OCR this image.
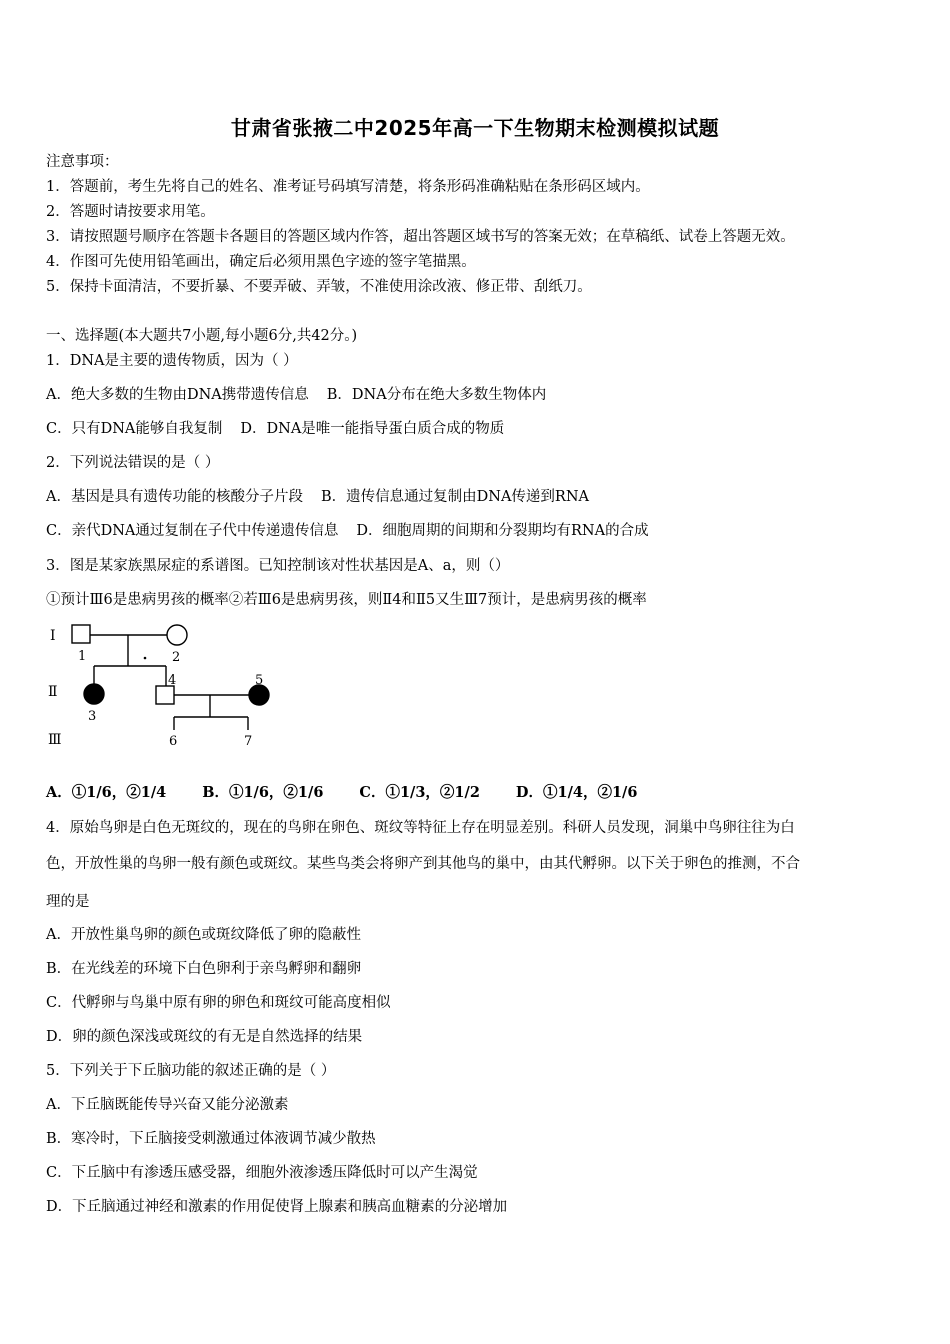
甘肃省张掖二中2025年高一下生物期末检测模拟试题
注意事项：
1．答题前，考生先将自己的姓名、准考证号码填写清楚，将条形码准确粘贴在条形码区域内。
2．答题时请按要求用笔。
3．请按照题号顺序在答题卡各题目的答题区域内作答，超出答题区域书写的答案无效；在草稿纸、试卷上答题无效。
4．作图可先使用铅笔画出，确定后必须用黑色字迹的签字笔描黑。
5．保持卡面清洁，不要折暴、不要弄破、弄皱，不准使用涂改液、修正带、刮纸刀。
一、选择题(本大题共7小题,每小题6分,共42分。)
1．DNA是主要的遗传物质，因为（ ）
A．绝大多数的生物由DNA携带遗传信息 B．DNA分布在绝大多数生物体内
C．只有DNA能够自我复制 D．DNA是唯一能指导蛋白质合成的物质
2．下列说法错误的是（ ）
A．基因是具有遗传功能的核酸分子片段 B．遗传信息通过复制由DNA传递到RNA
C．亲代DNA通过复制在子代中传递遗传信息 D．细胞周期的间期和分裂期均有RNA的合成
3．图是某家族黑尿症的系谱图。已知控制该对性状基因是A、a，则（）
①预计Ⅲ6是患病男孩的概率②若Ⅲ6是患病男孩，则Ⅱ4和Ⅱ5又生Ⅲ7预计，是患病男孩的概率
Ⅰ
Ⅱ
Ⅲ
1	2
3
4	5
6	7
A．①1/6，②1/4 B．①1/6，②1/6 C．①1/3，②1/2 D．①1/4，②1/6
4．原始鸟卵是白色无斑纹的，现在的鸟卵在卵色、斑纹等特征上存在明显差别。科研人员发现，洞巢中鸟卵往往为白
色，开放性巢的鸟卵一般有颜色或斑纹。某些鸟类会将卵产到其他鸟的巢中，由其代孵卵。以下关于卵色的推测，不合
理的是
A．开放性巢鸟卵的颜色或斑纹降低了卵的隐蔽性
B．在光线差的环境下白色卵利于亲鸟孵卵和翻卵
C．代孵卵与鸟巢中原有卵的卵色和斑纹可能高度相似
D．卵的颜色深浅或斑纹的有无是自然选择的结果
5．下列关于下丘脑功能的叙述正确的是（ ）
A．下丘脑既能传导兴奋又能分泌激素
B．寒冷时，下丘脑接受刺激通过体液调节减少散热
C．下丘脑中有渗透压感受器，细胞外液渗透压降低时可以产生渴觉
D．下丘脑通过神经和激素的作用促使肾上腺素和胰高血糖素的分泌增加
